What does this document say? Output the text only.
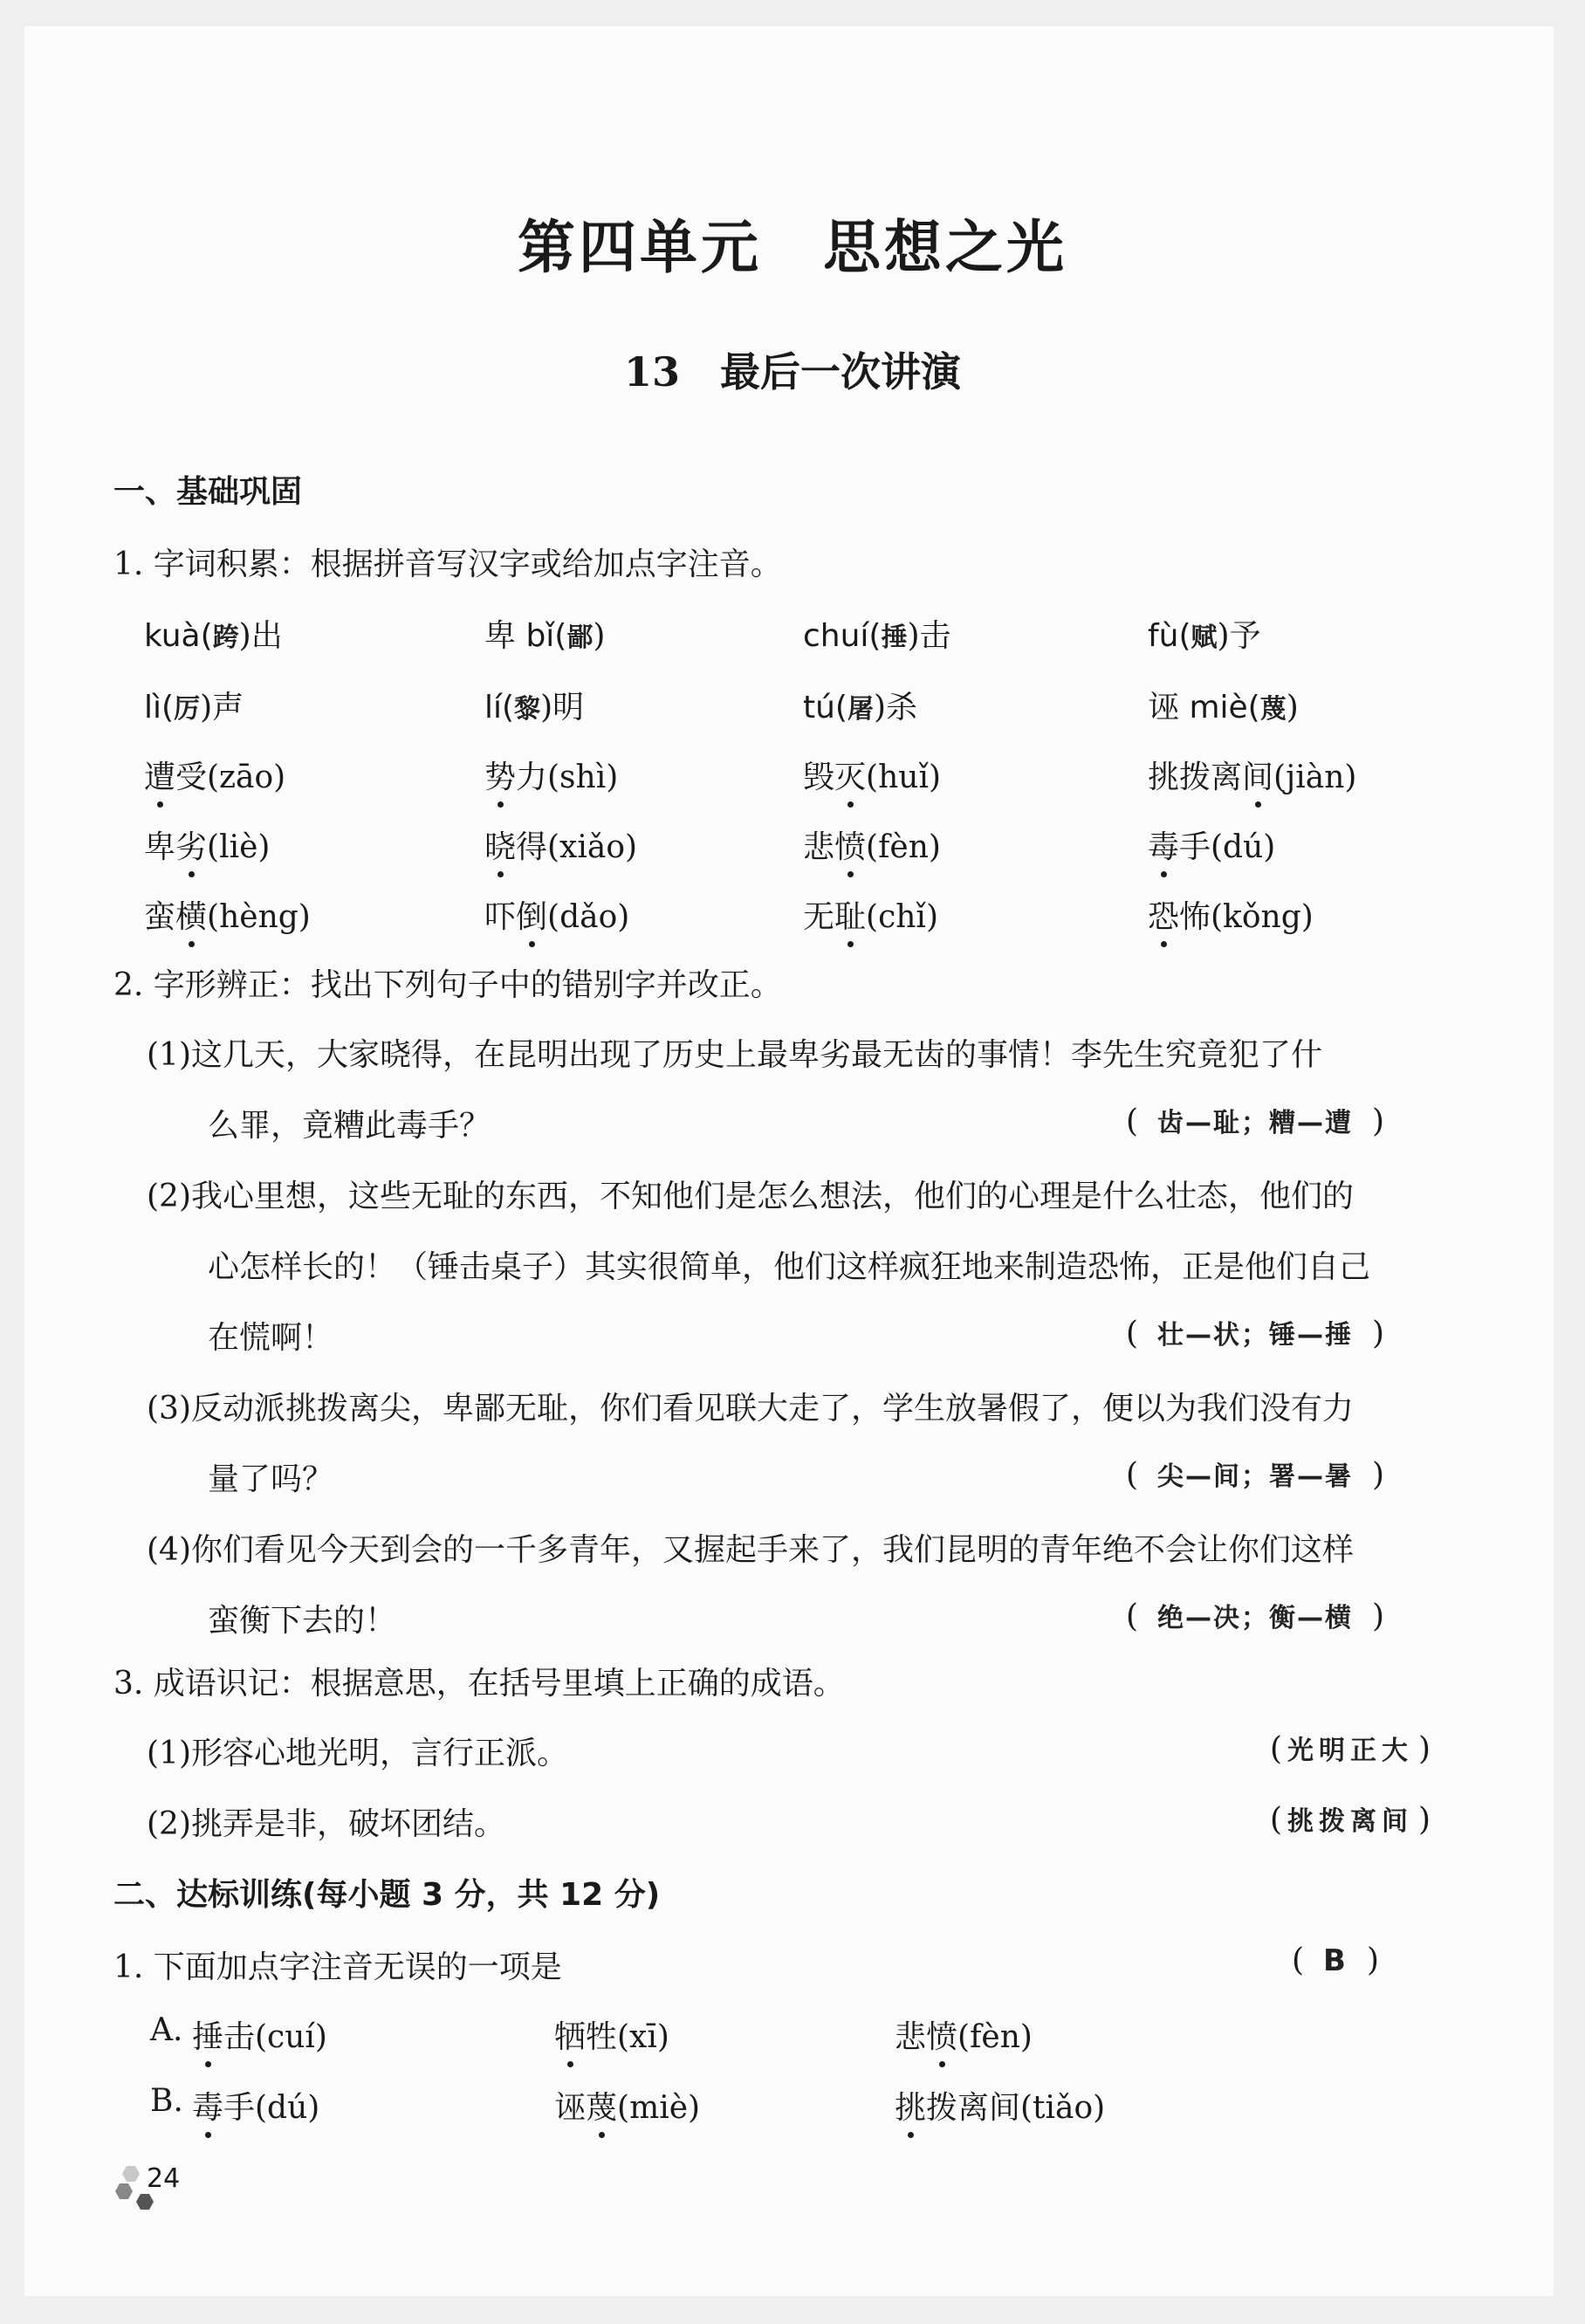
第四单元　思想之光
13　最后一次讲演
一、基础巩固
1. 字词积累：根据拼音写汉字或给加点字注音。
kuà(跨)出	卑 bǐ(鄙)	chuí(捶)击	fù(赋)予
lì(厉)声	lí(黎)明	tú(屠)杀	诬 miè(蔑)
遭受(zāo)	势力(shì)	毁灭(huǐ)	挑拨离间(jiàn)
卑劣(liè)	晓得(xiǎo)	悲愤(fèn)	毒手(dú)
蛮横(hèng)	吓倒(dǎo)	无耻(chǐ)	恐怖(kǒng)
2. 字形辨正：找出下列句子中的错别字并改正。
(1)这几天，大家晓得，在昆明出现了历史上最卑劣最无齿的事情！李先生究竟犯了什
么罪，竟糟此毒手？	( 齿—耻；糟—遭 )
(2)我心里想，这些无耻的东西，不知他们是怎么想法，他们的心理是什么壮态，他们的
心怎样长的！（锤击桌子）其实很简单，他们这样疯狂地来制造恐怖，正是他们自己
在慌啊！	( 壮—状；锤—捶 )
(3)反动派挑拨离尖，卑鄙无耻，你们看见联大走了，学生放暑假了，便以为我们没有力
量了吗？	( 尖—间；署—暑 )
(4)你们看见今天到会的一千多青年，又握起手来了，我们昆明的青年绝不会让你们这样
蛮衡下去的！	( 绝—决；衡—横 )
3. 成语识记：根据意思，在括号里填上正确的成语。
(1)形容心地光明，言行正派。	( 光明正大 )
(2)挑弄是非，破坏团结。	( 挑拨离间 )
二、达标训练(每小题 3 分，共 12 分)
1. 下面加点字注音无误的一项是	( B )
A. 捶击(cuí)	牺牲(xī)	悲愤(fèn)
B. 毒手(dú)	诬蔑(miè)	挑拨离间(tiǎo)
24
